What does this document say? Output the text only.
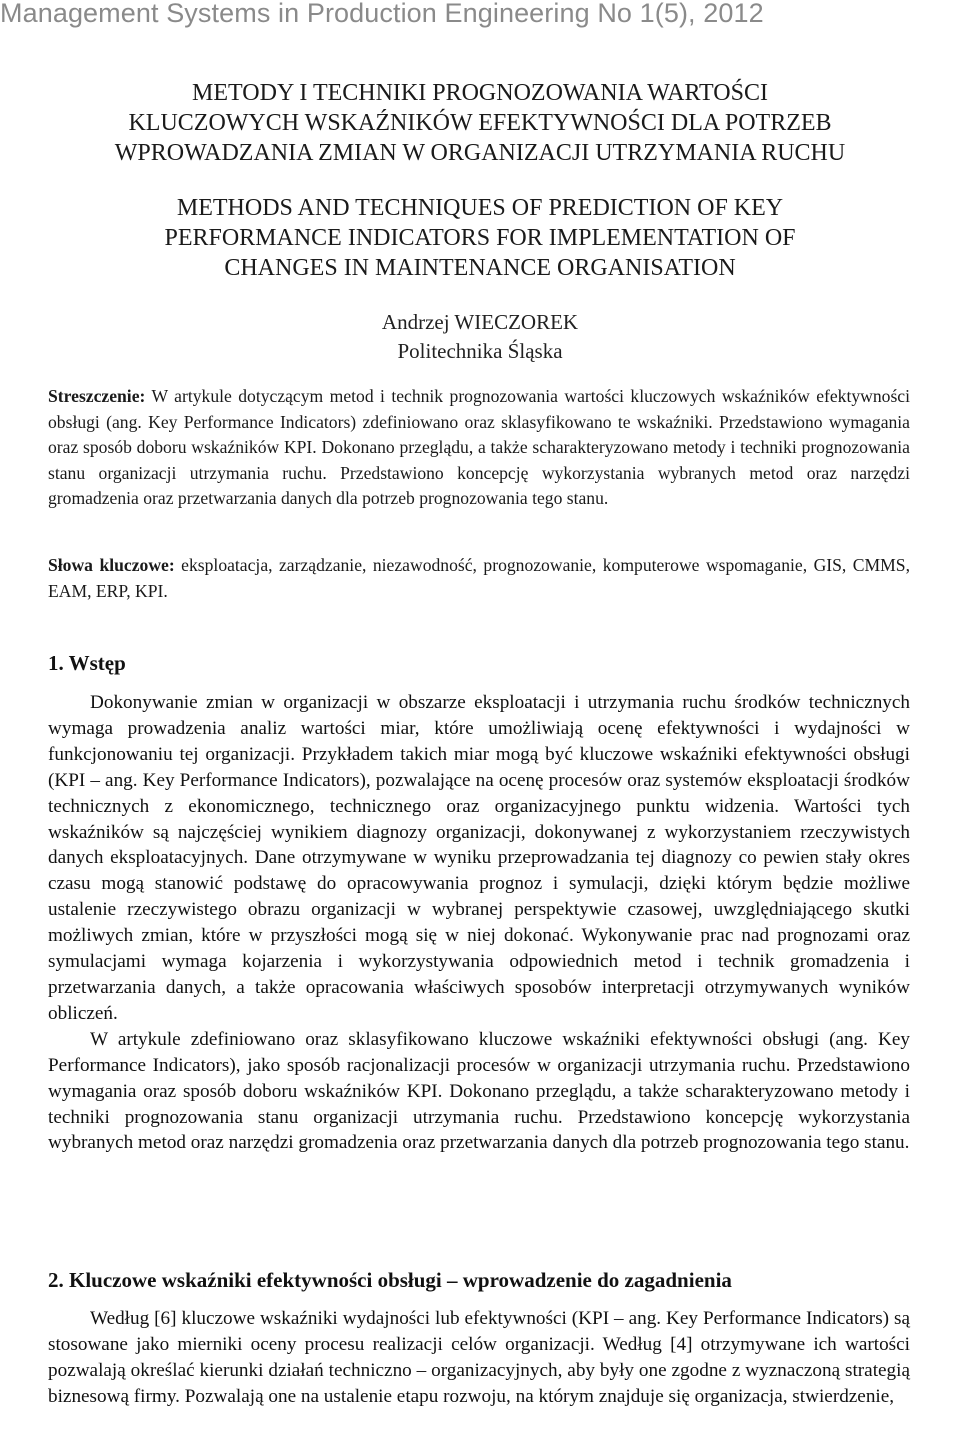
Management Systems in Production Engineering No 1(5), 2012
METODY I TECHNIKI PROGNOZOWANIA WARTOŚCI
KLUCZOWYCH WSKAŹNIKÓW EFEKTYWNOŚCI DLA POTRZEB
WPROWADZANIA ZMIAN W ORGANIZACJI UTRZYMANIA RUCHU
METHODS AND TECHNIQUES OF PREDICTION OF KEY
PERFORMANCE INDICATORS FOR IMPLEMENTATION OF
CHANGES IN MAINTENANCE ORGANISATION
Andrzej WIECZOREK
Politechnika Śląska
Streszczenie: W artykule dotyczącym metod i technik prognozowania wartości kluczowych wskaźników efektywności obsługi (ang. Key Performance Indicators) zdefiniowano oraz sklasyfikowano te wskaźniki. Przedstawiono wymagania oraz sposób doboru wskaźników KPI. Dokonano przeglądu, a także scharakteryzowano metody i techniki prognozowania stanu organizacji utrzymania ruchu. Przedstawiono koncepcję wykorzystania wybranych metod oraz narzędzi gromadzenia oraz przetwarzania danych dla potrzeb prognozowania tego stanu.
Słowa kluczowe: eksploatacja, zarządzanie, niezawodność, prognozowanie, komputerowe wspomaganie, GIS, CMMS, EAM, ERP, KPI.
1. Wstęp

Dokonywanie zmian w organizacji w obszarze eksploatacji i utrzymania ruchu środków technicznych wymaga prowadzenia analiz wartości miar, które umożliwiają ocenę efektywności i wydajności w funkcjonowaniu tej organizacji. Przykładem takich miar mogą być kluczowe wskaźniki efektywności obsługi (KPI – ang. Key Performance Indicators), pozwalające na ocenę procesów oraz systemów eksploatacji środków technicznych z ekonomicznego, technicznego oraz organizacyjnego punktu widzenia. Wartości tych wskaźników są najczęściej wynikiem diagnozy organizacji, dokonywanej z wykorzystaniem rzeczywistych danych eksploatacyjnych. Dane otrzymywane w wyniku przeprowadzania tej diagnozy co pewien stały okres czasu mogą stanowić podstawę do opracowywania prognoz i symulacji, dzięki którym będzie możliwe ustalenie rzeczywistego obrazu organizacji w wybranej perspektywie czasowej, uwzględniającego skutki możliwych zmian, które w przyszłości mogą się w niej dokonać. Wykonywanie prac nad prognozami oraz symulacjami wymaga kojarzenia i wykorzystywania odpowiednich metod i technik gromadzenia i przetwarzania danych, a także opracowania właściwych sposobów interpretacji otrzymywanych wyników obliczeń.

W artykule zdefiniowano oraz sklasyfikowano kluczowe wskaźniki efektywności obsługi (ang. Key Performance Indicators), jako sposób racjonalizacji procesów w organizacji utrzymania ruchu. Przedstawiono wymagania oraz sposób doboru wskaźników KPI. Dokonano przeglądu, a także scharakteryzowano metody i techniki prognozowania stanu organizacji utrzymania ruchu. Przedstawiono koncepcję wykorzystania wybranych metod oraz narzędzi gromadzenia oraz przetwarzania danych dla potrzeb prognozowania tego stanu.

2. Kluczowe wskaźniki efektywności obsługi – wprowadzenie do zagadnienia

Według [6] kluczowe wskaźniki wydajności lub efektywności (KPI – ang. Key Performance Indicators) są stosowane jako mierniki oceny procesu realizacji celów organizacji. Według [4] otrzymywane ich wartości pozwalają określać kierunki działań techniczno – organizacyjnych, aby były one zgodne z wyznaczoną strategią biznesową firmy. Pozwalają one na ustalenie etapu rozwoju, na którym znajduje się organizacja, stwierdzenie,
